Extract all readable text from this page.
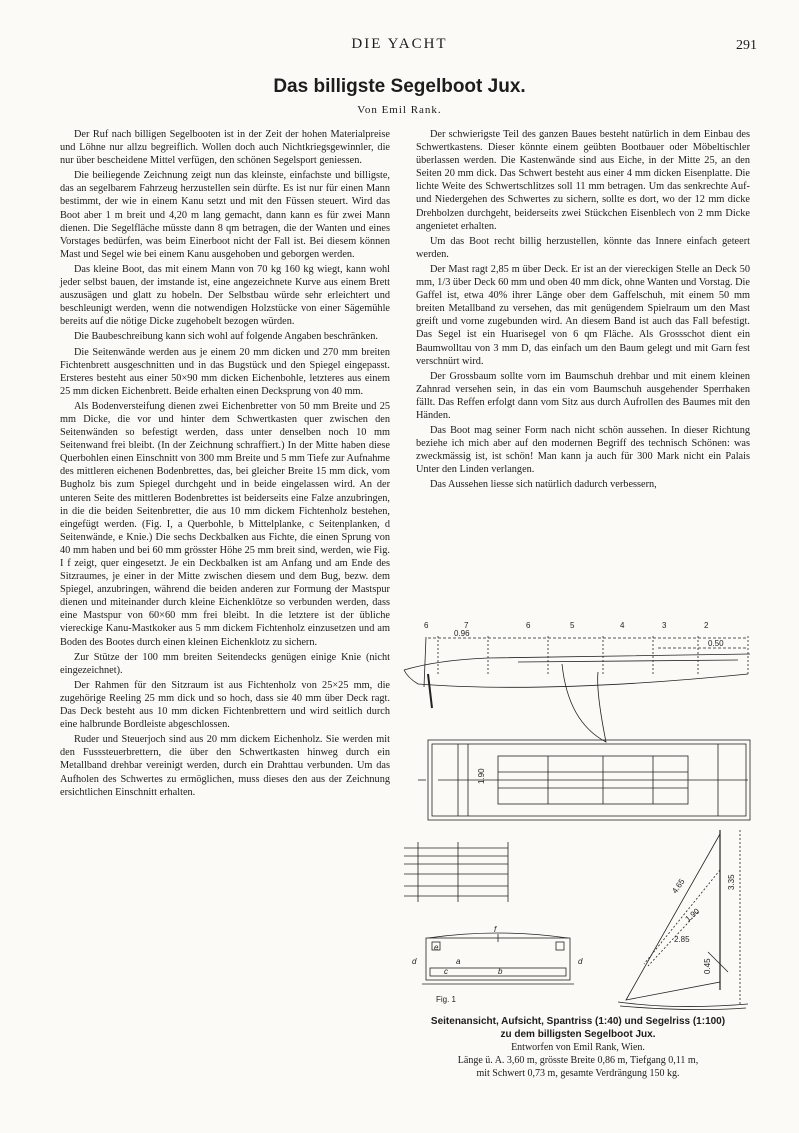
DIE YACHT	291
Das billigste Segelboot Jux.
Von Emil Rank.

Der Ruf nach billigen Segelbooten ist in der Zeit der hohen Materialpreise und Löhne nur allzu begreiflich. Wollen doch auch Nichtkriegsgewinnler, die nur über bescheidene Mittel verfügen, den schönen Segelsport geniessen.

Die beiliegende Zeichnung zeigt nun das kleinste, einfachste und billigste, das an segelbarem Fahrzeug herzustellen sein dürfte. Es ist nur für einen Mann bestimmt, der wie in einem Kanu setzt und mit den Füssen steuert. Wird das Boot aber 1 m breit und 4,20 m lang gemacht, dann kann es für zwei Mann dienen. Die Segelfläche müsste dann 8 qm betragen, die der Wanten und eines Vorstages bedürfen, was beim Einerboot nicht der Fall ist. Bei diesem können Mast und Segel wie bei einem Kanu ausgehoben und geborgen werden.

Das kleine Boot, das mit einem Mann von 70 kg 160 kg wiegt, kann wohl jeder selbst bauen, der imstande ist, eine angezeichnete Kurve aus einem Brett auszusägen und glatt zu hobeln. Der Selbstbau würde sehr erleichtert und beschleunigt werden, wenn die notwendigen Holzstücke von einer Sägemühle bereits auf die nötige Dicke zugehobelt bezogen würden.

Die Baubeschreibung kann sich wohl auf folgende Angaben beschränken.

Die Seitenwände werden aus je einem 20 mm dicken und 270 mm breiten Fichtenbrett ausgeschnitten und in das Bugstück und den Spiegel eingepasst. Ersteres besteht aus einer 50×90 mm dicken Eichenbohle, letzteres aus einem 25 mm dicken Eichenbrett. Beide erhalten einen Decksprung von 40 mm.

Als Bodenversteifung dienen zwei Eichenbretter von 50 mm Breite und 25 mm Dicke, die vor und hinter dem Schwertkasten quer zwischen den Seitenwänden so befestigt werden, dass unter denselben noch 10 mm Seitenwand frei bleibt. (In der Zeichnung schraffiert.) In der Mitte haben diese Querbohlen einen Einschnitt von 300 mm Breite und 5 mm Tiefe zur Aufnahme des mittleren eichenen Bodenbrettes, das, bei gleicher Breite 15 mm dick, vom Bugholz bis zum Spiegel durchgeht und in beide eingelassen wird. An der unteren Seite des mittleren Bodenbrettes ist beiderseits eine Falze anzubringen, in die die beiden Seitenbretter, die aus 10 mm dickem Fichtenholz bestehen, eingefügt werden. (Fig. I, a Querbohle, b Mittelplanke, c Seitenplanken, d Seitenwände, e Knie.) Die sechs Deckbalken aus Fichte, die einen Sprung von 40 mm haben und bei 60 mm grösster Höhe 25 mm breit sind, werden, wie Fig. I f zeigt, quer eingesetzt. Je ein Deckbalken ist am Anfang und am Ende des Sitzraumes, je einer in der Mitte zwischen diesem und dem Bug, bezw. dem Spiegel, anzubringen, während die beiden anderen zur Formung der Mastspur dienen und miteinander durch kleine Eichenklötze so verbunden werden, dass eine Mastspur von 60×60 mm frei bleibt. In die letztere ist der übliche viereckige Kanu-Mastkoker aus 5 mm dickem Fichtenholz einzusetzen und am Boden des Bootes durch einen kleinen Eichenklotz zu sichern.

Zur Stütze der 100 mm breiten Seitendecks genügen einige Knie (nicht eingezeichnet).

Der Rahmen für den Sitzraum ist aus Fichtenholz von 25×25 mm, die zugehörige Reeling 25 mm dick und so hoch, dass sie 40 mm über Deck ragt. Das Deck besteht aus 10 mm dicken Fichtenbrettern und wird seitlich durch eine halbrunde Bordleiste abgeschlossen.

Ruder und Steuerjoch sind aus 20 mm dickem Eichenholz. Sie werden mit den Fusssteuerbrettern, die über den Schwertkasten hinweg durch ein Metallband drehbar vereinigt werden, durch ein Drahttau verbunden. Um das Aufholen des Schwertes zu ermöglichen, muss dieses den aus der Zeichnung ersichtlichen Einschnitt erhalten.

Der schwierigste Teil des ganzen Baues besteht natürlich in dem Einbau des Schwertkastens. Dieser könnte einem geübten Bootbauer oder Möbeltischler überlassen werden. Die Kastenwände sind aus Eiche, in der Mitte 25, an den Seiten 20 mm dick. Das Schwert besteht aus einer 4 mm dicken Eisenplatte. Die lichte Weite des Schwertschlitzes soll 11 mm betragen. Um das senkrechte Auf- und Niedergehen des Schwertes zu sichern, sollte es dort, wo der 12 mm dicke Drehbolzen durchgeht, beiderseits zwei Stückchen Eisenblech von 2 mm Dicke angenietet erhalten.

Um das Boot recht billig herzustellen, könnte das Innere einfach geteert werden.

Der Mast ragt 2,85 m über Deck. Er ist an der viereckigen Stelle an Deck 50 mm, 1/3 über Deck 60 mm und oben 40 mm dick, ohne Wanten und Vorstag. Die Gaffel ist, etwa 40% ihrer Länge ober dem Gaffelschuh, mit einem 50 mm breiten Metallband zu versehen, das mit genügendem Spielraum um den Mast greift und vorne zugebunden wird. An diesem Band ist auch das Fall befestigt. Das Segel ist ein Huarisegel von 6 qm Fläche. Als Grossschot dient ein Baumwolltau von 3 mm D, das einfach um den Baum gelegt und mit Garn fest verschnürt wird.

Der Grossbaum sollte vorn im Baumschuh drehbar und mit einem kleinen Zahnrad versehen sein, in das ein vom Baumschuh ausgehender Sperrhaken fällt. Das Reffen erfolgt dann vom Sitz aus durch Aufrollen des Baumes mit den Händen.

Das Boot mag seiner Form nach nicht schön aussehen. In dieser Richtung beziehe ich mich aber auf den modernen Begriff des technisch Schönen: was zweckmässig ist, ist schön! Man kann ja auch für 300 Mark nicht ein Palais Unter den Linden verlangen.

Das Aussehen liesse sich natürlich dadurch verbessern,

6	7	6	5	4	3	2
0.96
0.50
1.90
2.85
3.35
4.65
1.90
0.45
f
e
c
a
b
d	d
Fig. 1
Seitenansicht, Aufsicht, Spantriss (1:40) und Segelriss (1:100)
zu dem billigsten Segelboot Jux.
Entworfen von Emil Rank, Wien.
Länge ü. A. 3,60 m, grösste Breite 0,86 m, Tiefgang 0,11 m,
mit Schwert 0,73 m, gesamte Verdrängung 150 kg.
